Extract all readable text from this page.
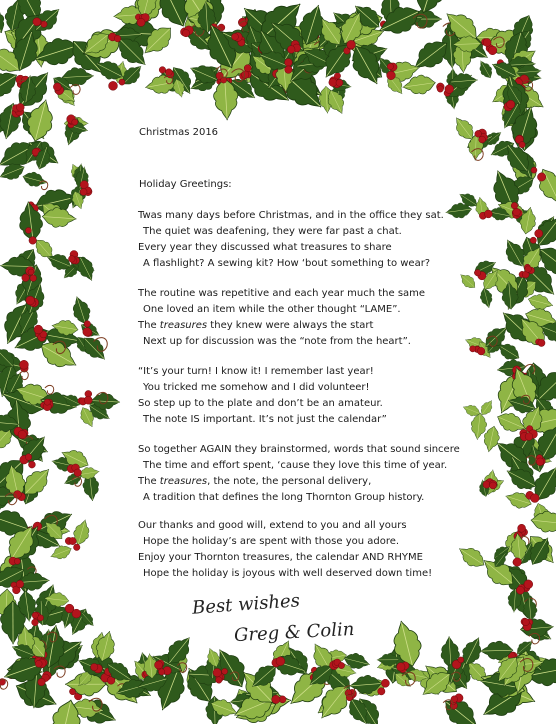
Christmas 2016
Holiday Greetings:
Twas many days before Christmas, and in the office they sat.
The quiet was deafening, they were far past a chat.
Every year they discussed what treasures to share
A flashlight? A sewing kit? How ‘bout something to wear?
The routine was repetitive and each year much the same
One loved an item while the other thought “LAME”.
The treasures they knew were always the start
Next up for discussion was the “note from the heart”.
“It’s your turn! I know it! I remember last year!
You tricked me somehow and I did volunteer!
So step up to the plate and don’t be an amateur.
The note IS important. It’s not just the calendar”
So together AGAIN they brainstormed, words that sound sincere
The time and effort spent, ‘cause they love this time of year.
The treasures, the note, the personal delivery,
A tradition that defines the long Thornton Group history.
Our thanks and good will, extend to you and all yours
Hope the holiday’s are spent with those you adore.
Enjoy your Thornton treasures, the calendar AND RHYME
Hope the holiday is joyous with well deserved down time!
Best wishes
Greg & Colin
